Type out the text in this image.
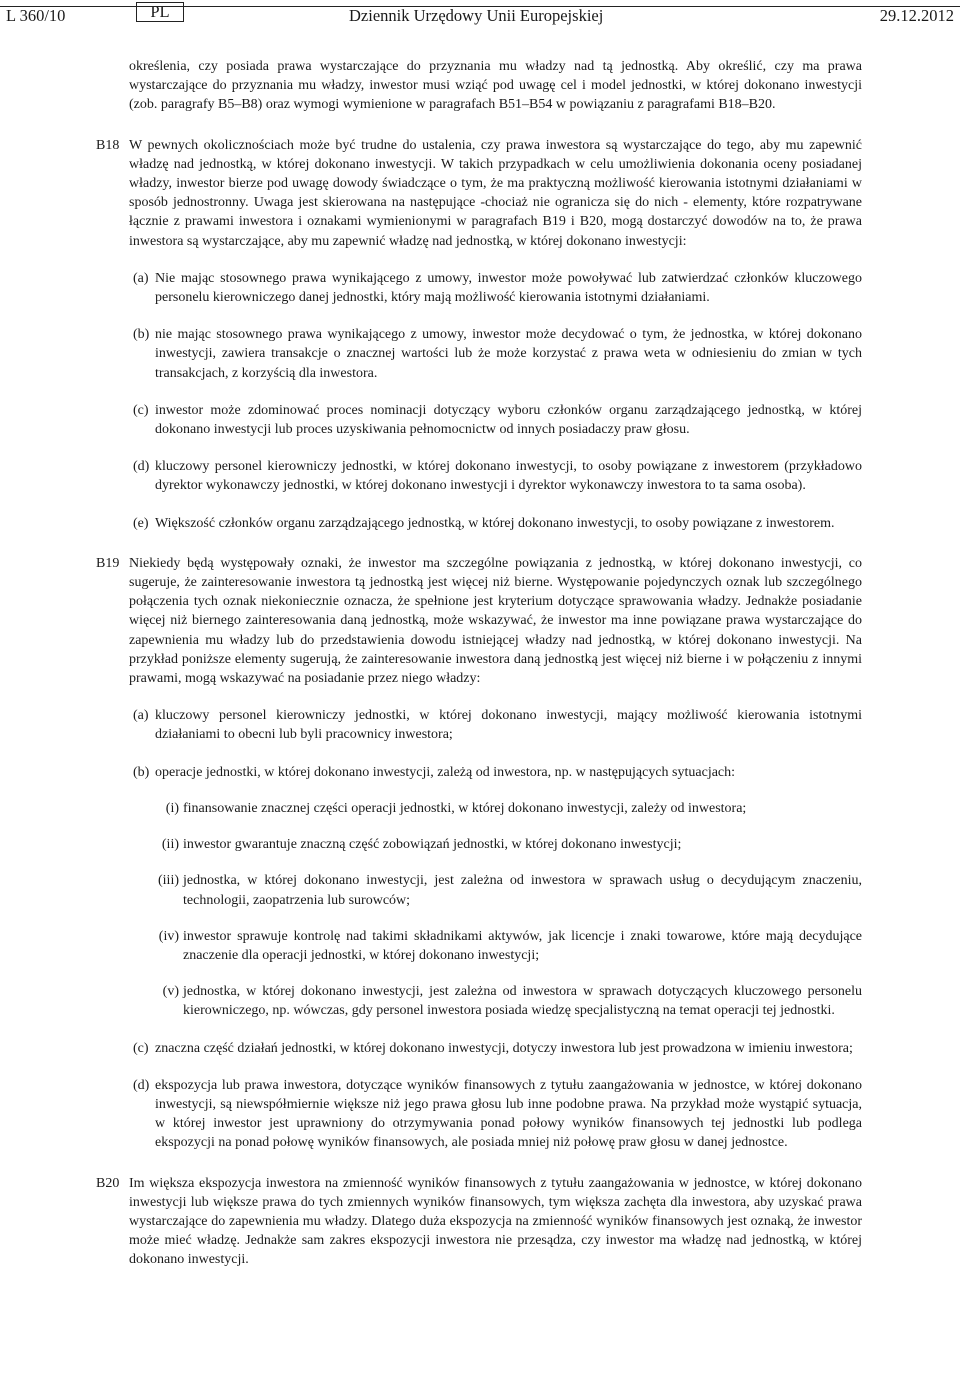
L 360/10	PL	Dziennik Urzędowy Unii Europejskiej	29.12.2012

określenia, czy posiada prawa wystarczające do przyznania mu władzy nad tą jednostką. Aby określić, czy ma prawa wystarczające do przyznania mu władzy, inwestor musi wziąć pod uwagę cel i model jednostki, w której dokonano inwestycji (zob. paragrafy B5–B8) oraz wymogi wymienione w paragrafach B51–B54 w powiązaniu z paragrafami B18–B20.

B18 W pewnych okolicznościach może być trudne do ustalenia, czy prawa inwestora są wystarczające do tego, aby mu zapewnić władzę nad jednostką, w której dokonano inwestycji. W takich przypadkach w celu umożliwienia dokonania oceny posiadanej władzy, inwestor bierze pod uwagę dowody świadczące o tym, że ma praktyczną możliwość kierowania istotnymi działaniami w sposób jednostronny. Uwaga jest skierowana na następujące -chociaż nie ogranicza się do nich - elementy, które rozpatrywane łącznie z prawami inwestora i oznakami wymienionymi w paragrafach B19 i B20, mogą dostarczyć dowodów na to, że prawa inwestora są wystarczające, aby mu zapewnić władzę nad jednostką, w której dokonano inwestycji:

(a) Nie mając stosownego prawa wynikającego z umowy, inwestor może powoływać lub zatwierdzać członków kluczowego personelu kierowniczego danej jednostki, który mają możliwość kierowania istotnymi działaniami.

(b) nie mając stosownego prawa wynikającego z umowy, inwestor może decydować o tym, że jednostka, w której dokonano inwestycji, zawiera transakcje o znacznej wartości lub że może korzystać z prawa weta w odniesieniu do zmian w tych transakcjach, z korzyścią dla inwestora.

(c) inwestor może zdominować proces nominacji dotyczący wyboru członków organu zarządzającego jednostką, w której dokonano inwestycji lub proces uzyskiwania pełnomocnictw od innych posiadaczy praw głosu.

(d) kluczowy personel kierowniczy jednostki, w której dokonano inwestycji, to osoby powiązane z inwestorem (przykładowo dyrektor wykonawczy jednostki, w której dokonano inwestycji i dyrektor wykonawczy inwestora to ta sama osoba).

(e) Większość członków organu zarządzającego jednostką, w której dokonano inwestycji, to osoby powiązane z inwestorem.

B19 Niekiedy będą występowały oznaki, że inwestor ma szczególne powiązania z jednostką, w której dokonano inwestycji, co sugeruje, że zainteresowanie inwestora tą jednostką jest więcej niż bierne. Występowanie pojedynczych oznak lub szczególnego połączenia tych oznak niekoniecznie oznacza, że spełnione jest kryterium dotyczące sprawowania władzy. Jednakże posiadanie więcej niż biernego zainteresowania daną jednostką, może wskazywać, że inwestor ma inne powiązane prawa wystarczające do zapewnienia mu władzy lub do przedstawienia dowodu istniejącej władzy nad jednostką, w której dokonano inwestycji. Na przykład poniższe elementy sugerują, że zainteresowanie inwestora daną jednostką jest więcej niż bierne i w połączeniu z innymi prawami, mogą wskazywać na posiadanie przez niego władzy:

(a) kluczowy personel kierowniczy jednostki, w której dokonano inwestycji, mający możliwość kierowania istotnymi działaniami to obecni lub byli pracownicy inwestora;

(b) operacje jednostki, w której dokonano inwestycji, zależą od inwestora, np. w następujących sytuacjach:

(i) finansowanie znacznej części operacji jednostki, w której dokonano inwestycji, zależy od inwestora;

(ii) inwestor gwarantuje znaczną część zobowiązań jednostki, w której dokonano inwestycji;

(iii) jednostka, w której dokonano inwestycji, jest zależna od inwestora w sprawach usług o decydującym znaczeniu, technologii, zaopatrzenia lub surowców;

(iv) inwestor sprawuje kontrolę nad takimi składnikami aktywów, jak licencje i znaki towarowe, które mają decydujące znaczenie dla operacji jednostki, w której dokonano inwestycji;

(v) jednostka, w której dokonano inwestycji, jest zależna od inwestora w sprawach dotyczących kluczowego personelu kierowniczego, np. wówczas, gdy personel inwestora posiada wiedzę specjalistyczną na temat operacji tej jednostki.

(c) znaczna część działań jednostki, w której dokonano inwestycji, dotyczy inwestora lub jest prowadzona w imieniu inwestora;

(d) ekspozycja lub prawa inwestora, dotyczące wyników finansowych z tytułu zaangażowania w jednostce, w której dokonano inwestycji, są niewspółmiernie większe niż jego prawa głosu lub inne podobne prawa. Na przykład może wystąpić sytuacja, w której inwestor jest uprawniony do otrzymywania ponad połowy wyników finansowych tej jednostki lub podlega ekspozycji na ponad połowę wyników finansowych, ale posiada mniej niż połowę praw głosu w danej jednostce.

B20 Im większa ekspozycja inwestora na zmienność wyników finansowych z tytułu zaangażowania w jednostce, w której dokonano inwestycji lub większe prawa do tych zmiennych wyników finansowych, tym większa zachęta dla inwestora, aby uzyskać prawa wystarczające do zapewnienia mu władzy. Dlatego duża ekspozycja na zmienność wyników finansowych jest oznaką, że inwestor może mieć władzę. Jednakże sam zakres ekspozycji inwestora nie przesądza, czy inwestor ma władzę nad jednostką, w której dokonano inwestycji.
